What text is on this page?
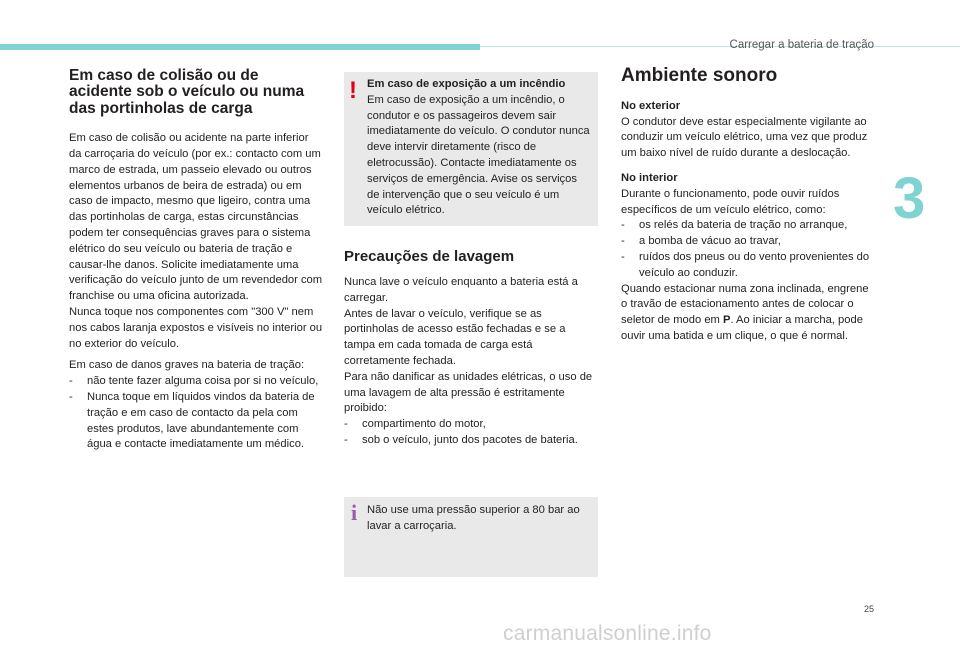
Carregar a bateria de tração
3
Em caso de colisão ou de acidente sob o veículo ou numa das portinholas de carga

Em caso de colisão ou acidente na parte inferior da carroçaria do veículo (por ex.: contacto com um marco de estrada, um passeio elevado ou outros elementos urbanos de beira de estrada) ou em caso de impacto, mesmo que ligeiro, contra uma das portinholas de carga, estas circunstâncias podem ter consequências graves para o sistema elétrico do seu veículo ou bateria de tração e causar-lhe danos. Solicite imediatamente uma verificação do veículo junto de um revendedor com franchise ou uma oficina autorizada.

Nunca toque nos componentes com "300 V" nem nos cabos laranja expostos e visíveis no interior ou no exterior do veículo.

Em caso de danos graves na bateria de tração:

- não tente fazer alguma coisa por si no veículo,
- Nunca toque em líquidos vindos da bateria de tração e em caso de contacto da pela com estes produtos, lave abundantemente com água e contacte imediatamente um médico.
! Em caso de exposição a um incêndio

Em caso de exposição a um incêndio, o condutor e os passageiros devem sair imediatamente do veículo. O condutor nunca deve intervir diretamente (risco de eletrocussão). Contacte imediatamente os serviços de emergência. Avise os serviços de intervenção que o seu veículo é um veículo elétrico.

Precauções de lavagem

Nunca lave o veículo enquanto a bateria está a carregar.

Antes de lavar o veículo, verifique se as portinholas de acesso estão fechadas e se a tampa em cada tomada de carga está corretamente fechada.

Para não danificar as unidades elétricas, o uso de uma lavagem de alta pressão é estritamente proibido:

- compartimento do motor,
- sob o veículo, junto dos pacotes de bateria.
i Não use uma pressão superior a 80 bar ao lavar a carroçaria.

Ambiente sonoro

No exterior

O condutor deve estar especialmente vigilante ao conduzir um veículo elétrico, uma vez que produz um baixo nível de ruído durante a deslocação.

No interior

Durante o funcionamento, pode ouvir ruídos específicos de um veículo elétrico, como:

- os relés da bateria de tração no arranque,
- a bomba de vácuo ao travar,
- ruídos dos pneus ou do vento provenientes do veículo ao conduzir.

Quando estacionar numa zona inclinada, engrene o travão de estacionamento antes de colocar o seletor de modo em P. Ao iniciar a marcha, pode ouvir uma batida e um clique, o que é normal.

25
carmanualsonline.info
